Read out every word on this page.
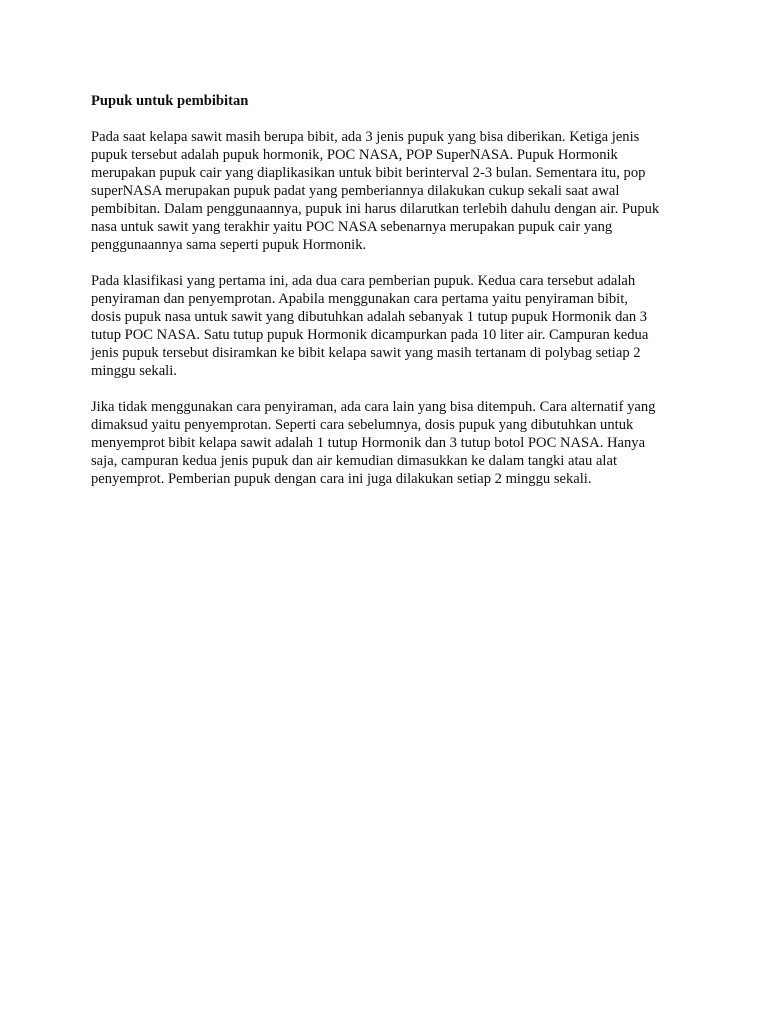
Pupuk untuk pembibitan
Pada saat kelapa sawit masih berupa bibit, ada 3 jenis pupuk yang bisa diberikan. Ketiga jenis
pupuk tersebut adalah pupuk hormonik, POC NASA, POP SuperNASA. Pupuk Hormonik
merupakan pupuk cair yang diaplikasikan untuk bibit berinterval 2-3 bulan. Sementara itu, pop
superNASA merupakan pupuk padat yang pemberiannya dilakukan cukup sekali saat awal
pembibitan. Dalam penggunaannya, pupuk ini harus dilarutkan terlebih dahulu dengan air. Pupuk
nasa untuk sawit yang terakhir yaitu POC NASA sebenarnya merupakan pupuk cair yang
penggunaannya sama seperti pupuk Hormonik.
Pada klasifikasi yang pertama ini, ada dua cara pemberian pupuk. Kedua cara tersebut adalah
penyiraman dan penyemprotan. Apabila menggunakan cara pertama yaitu penyiraman bibit,
dosis pupuk nasa untuk sawit yang dibutuhkan adalah sebanyak 1 tutup pupuk Hormonik dan 3
tutup POC NASA. Satu tutup pupuk Hormonik dicampurkan pada 10 liter air. Campuran kedua
jenis pupuk tersebut disiramkan ke bibit kelapa sawit yang masih tertanam di polybag setiap 2
minggu sekali.
Jika tidak menggunakan cara penyiraman, ada cara lain yang bisa ditempuh. Cara alternatif yang
dimaksud yaitu penyemprotan. Seperti cara sebelumnya, dosis pupuk yang dibutuhkan untuk
menyemprot bibit kelapa sawit adalah 1 tutup Hormonik dan 3 tutup botol POC NASA. Hanya
saja, campuran kedua jenis pupuk dan air kemudian dimasukkan ke dalam tangki atau alat
penyemprot. Pemberian pupuk dengan cara ini juga dilakukan setiap 2 minggu sekali.
